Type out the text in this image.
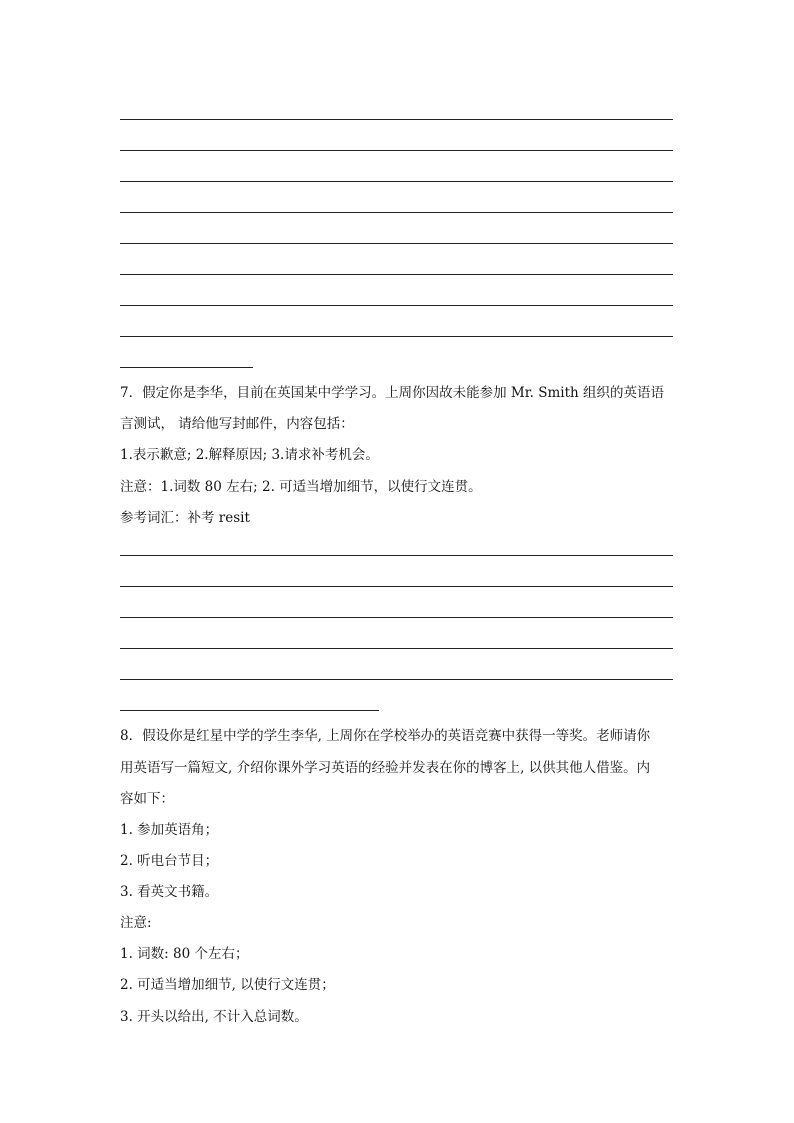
7．假定你是李华，目前在英国某中学学习。上周你因故未能参加 Mr. Smith 组织的英语语
言测试， 请给他写封邮件，内容包括：
1.表示歉意; 2.解释原因; 3.请求补考机会。
注意：1.词数 80 左右; 2. 可适当增加细节，以使行文连贯。
参考词汇：补考 resit
8．假设你是红星中学的学生李华, 上周你在学校举办的英语竞赛中获得一等奖。老师请你
用英语写一篇短文, 介绍你课外学习英语的经验并发表在你的博客上, 以供其他人借鉴。内
容如下：
1. 参加英语角；
2. 听电台节目；
3. 看英文书籍。
注意:
1. 词数: 80 个左右；
2. 可适当增加细节, 以使行文连贯；
3. 开头以给出, 不计入总词数。
